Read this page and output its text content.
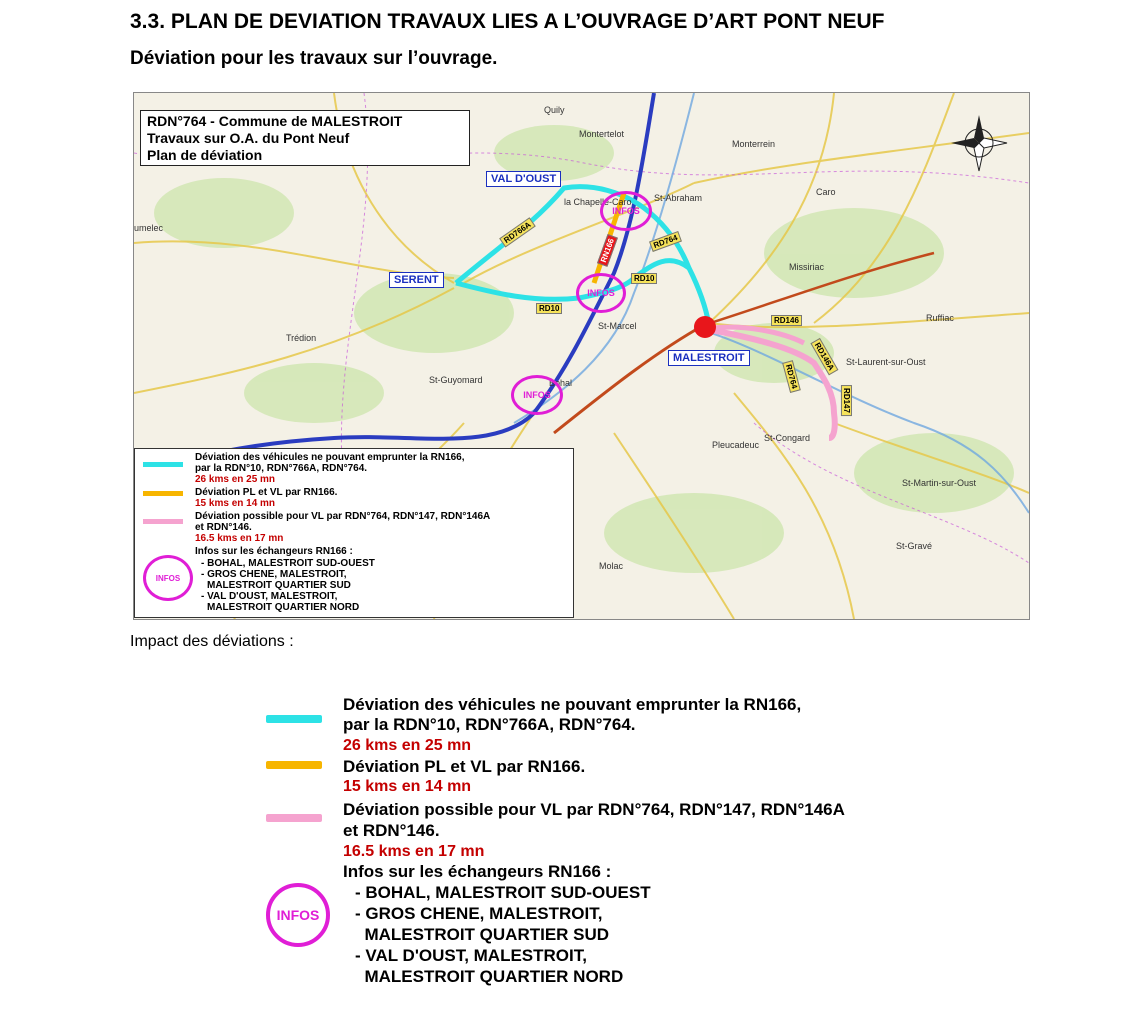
3.3. PLAN DE DEVIATION TRAVAUX LIES A L’OUVRAGE D’ART PONT NEUF
Déviation pour les travaux sur l’ouvrage.
RDN°764 - Commune de MALESTROIT
Travaux sur O.A. du Pont Neuf
Plan de déviation
VAL D'OUST
SERENT
MALESTROIT
Quily
Montertelot
Monterrein
St-Abraham
Caro
la Chapelle-Caro
Missiriac
Ruffiac
St-Marcel
Trédion
St-Guyomard	Bohal
St-Laurent-sur-Oust
Pleucadeuc
St-Congard
St-Martin-sur-Oust
Molac
St-Gravé
umelec	RD766A	RD764
RD10
RD10
RD146
RD146A
RD764
RD147
RN166
INFOS
INFOS
INFOS
Déviation des véhicules ne pouvant emprunter la RN166,
par la RDN°10, RDN°766A, RDN°764.
26 kms en 25 mn
Déviation PL et VL par RN166.
15 kms en 14 mn
Déviation possible pour VL par RDN°764, RDN°147, RDN°146A
et RDN°146.
16.5 kms en 17 mn
INFOS
Infos sur les échangeurs RN166 :
- BOHAL, MALESTROIT SUD-OUEST
- GROS CHENE, MALESTROIT,
MALESTROIT QUARTIER SUD
- VAL D'OUST, MALESTROIT,
MALESTROIT QUARTIER NORD
Impact des déviations :
Déviation des véhicules ne pouvant emprunter la RN166,
par la RDN°10, RDN°766A, RDN°764.
26 kms en 25 mn
Déviation PL et VL par RN166.
15 kms en 14 mn
Déviation possible pour VL par RDN°764, RDN°147, RDN°146A
et RDN°146.
16.5 kms en 17 mn
INFOS
Infos sur les échangeurs RN166 :
- BOHAL, MALESTROIT SUD-OUEST
- GROS CHENE, MALESTROIT,
MALESTROIT QUARTIER SUD
- VAL D'OUST, MALESTROIT,
MALESTROIT QUARTIER NORD
